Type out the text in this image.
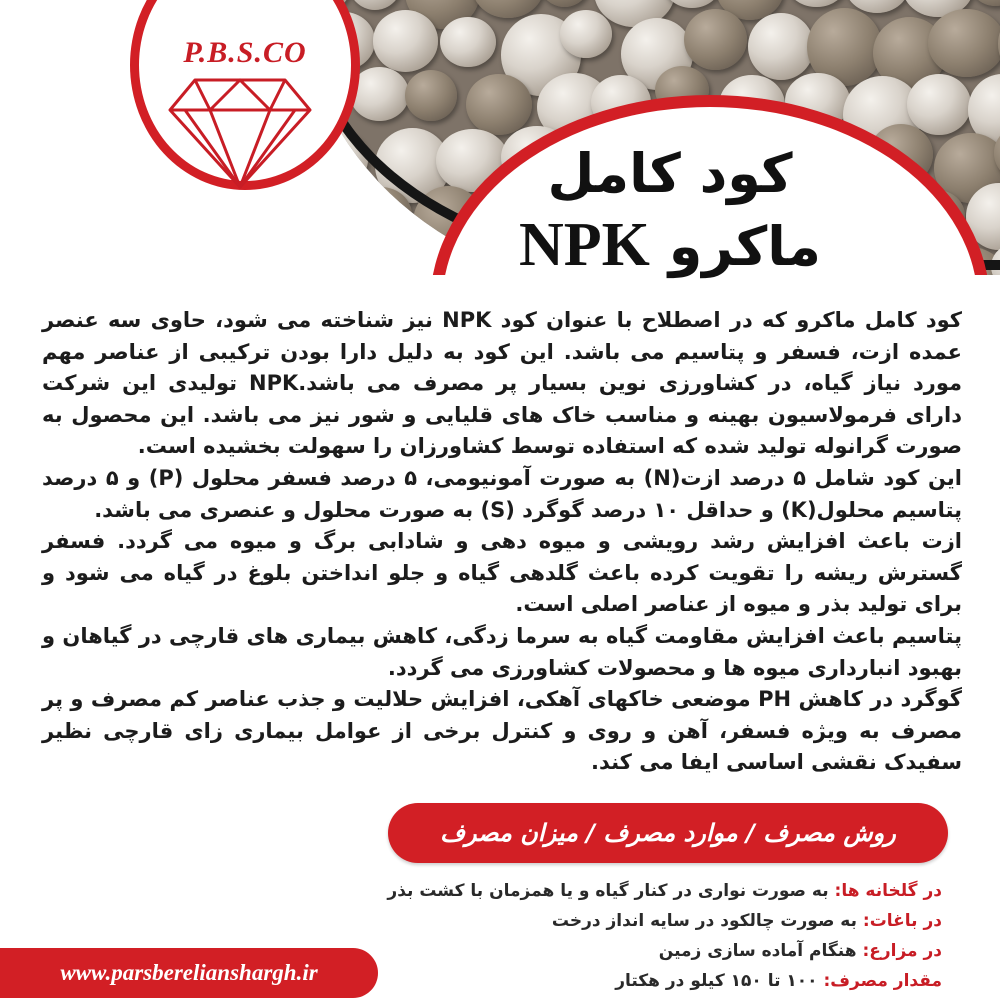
P.B.S.CO
کود کامل
ماکرو NPK

کود کامل ماکرو که در اصطلاح با عنوان کود NPK نیز شناخته می شود، حاوی سه عنصر عمده ازت، فسفر و پتاسیم می باشد. این کود به دلیل دارا بودن ترکیبی از عناصر مهم مورد نیاز گیاه، در کشاورزی نوین بسیار پر مصرف می باشد.NPK تولیدی این شرکت دارای فرمولاسیون بهینه و مناسب خاک های قلیایی و شور نیز می باشد. این محصول به صورت گرانوله تولید شده که استفاده توسط کشاورزان را سهولت بخشیده است.

این کود شامل ۵ درصد ازت(N) به صورت آمونیومی، ۵ درصد فسفر محلول (P) و ۵ درصد پتاسیم محلول(K) و حداقل ۱۰ درصد گوگرد (S) به صورت محلول و عنصری می باشد.

ازت باعث افزایش رشد رویشی و میوه دهی و شادابی برگ و میوه می گردد. فسفر گسترش ریشه را تقویت کرده باعث گلدهی گیاه و جلو انداختن بلوغ در گیاه می شود و برای تولید بذر و میوه از عناصر اصلی است.

پتاسیم باعث افزایش مقاومت گیاه به سرما زدگی، کاهش بیماری های قارچی در گیاهان و بهبود انبارداری میوه ها و محصولات کشاورزی می گردد.

گوگرد در کاهش PH موضعی خاکهای آهکی، افزایش حلالیت و جذب عناصر کم مصرف و پر مصرف به ویژه فسفر، آهن و روی و کنترل برخی از عوامل بیماری زای قارچی نظیر سفیدک نقشی اساسی ایفا می کند.

روش مصرف / موارد مصرف / میزان مصرف
در گلخانه ها: به صورت نواری در کنار گیاه و یا همزمان با کشت بذر
در باغات: به صورت چالکود در سایه انداز درخت
در مزارع: هنگام آماده سازی زمین
مقدار مصرف: ۱۰۰ تا ۱۵۰ کیلو در هکتار
www.parsberelianshargh.ir
